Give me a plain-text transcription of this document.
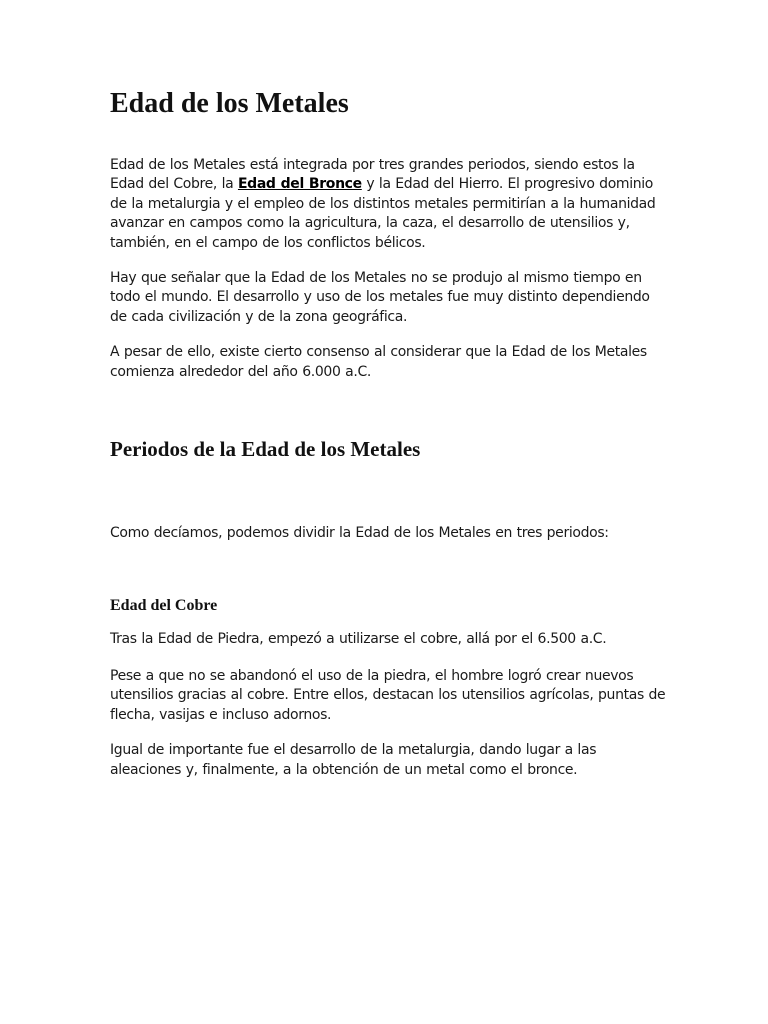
Edad de los Metales

Edad de los Metales está integrada por tres grandes periodos, siendo estos la Edad del Cobre, la Edad del Bronce y la Edad del Hierro. El progresivo dominio de la metalurgia y el empleo de los distintos metales permitirían a la humanidad avanzar en campos como la agricultura, la caza, el desarrollo de utensilios y, también, en el campo de los conflictos bélicos.

Hay que señalar que la Edad de los Metales no se produjo al mismo tiempo en todo el mundo. El desarrollo y uso de los metales fue muy distinto dependiendo de cada civilización y de la zona geográfica.

A pesar de ello, existe cierto consenso al considerar que la Edad de los Metales comienza alrededor del año 6.000 a.C.

Periodos de la Edad de los Metales

Como decíamos, podemos dividir la Edad de los Metales en tres periodos:

Edad del Cobre

Tras la Edad de Piedra, empezó a utilizarse el cobre, allá por el 6.500 a.C.

Pese a que no se abandonó el uso de la piedra, el hombre logró crear nuevos utensilios gracias al cobre. Entre ellos, destacan los utensilios agrícolas, puntas de flecha, vasijas e incluso adornos.

Igual de importante fue el desarrollo de la metalurgia, dando lugar a las aleaciones y, finalmente, a la obtención de un metal como el bronce.
